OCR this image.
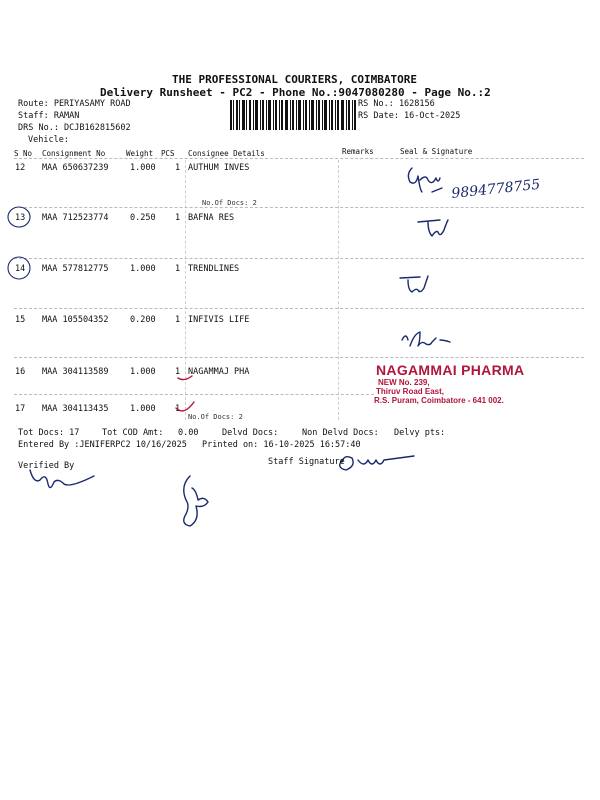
THE PROFESSIONAL COURIERS, COIMBATORE
Delivery Runsheet - PC2 - Phone No.:9047080280 - Page No.:2
Route: PERIYASAMY ROAD
Staff: RAMAN
DRS No.: DCJB162815602
Vehicle:
RS No.: 1628156
RS Date: 16-Oct-2025
S No Consignment No	Weight PCS Consignee Details	Remarks	Seal & Signature
12 MAA 650637239	1.000 1 AUTHUM INVES
No.Of Docs: 2
13 MAA 712523774	0.250 1 BAFNA RES
14 MAA 577812775	1.000 1 TRENDLINES
15 MAA 105504352	0.200 1 INFIVIS LIFE
16 MAA 304113589	1.000 1 NAGAMMAJ PHA
17 MAA 304113435	1.000 1
No.Of Docs: 2
NAGAMMAI PHARMA
NEW No. 239,
Thiruv Road East,
R.S. Puram, Coimbatore - 641 002.
9894778755
Tot Docs: 17	Tot COD Amt: 0.00	Delvd Docs:	Non Delvd Docs: Delvy pts:
Entered By :JENIFERPC2 10/16/2025 Printed on: 16-10-2025 16:57:40
Verified By	Staff Signature
